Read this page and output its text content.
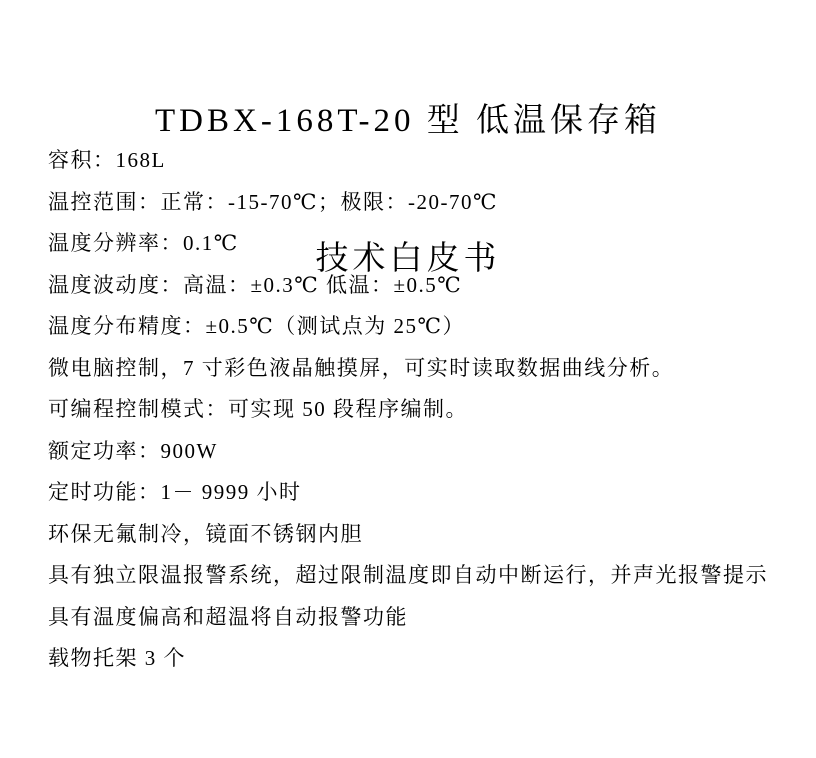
TDBX-168T-20 型 低温保存箱

技术白皮书

容积：168L

温控范围：正常：-15-70℃；极限：-20-70℃

温度分辨率：0.1℃

温度波动度：高温：±0.3℃ 低温：±0.5℃

温度分布精度：±0.5℃（测试点为 25℃）

微电脑控制，7 寸彩色液晶触摸屏，可实时读取数据曲线分析。

可编程控制模式：可实现 50 段程序编制。

额定功率：900W

定时功能：1－ 9999 小时

环保无氟制冷，镜面不锈钢内胆

具有独立限温报警系统，超过限制温度即自动中断运行，并声光报警提示

具有温度偏高和超温将自动报警功能

载物托架 3 个
